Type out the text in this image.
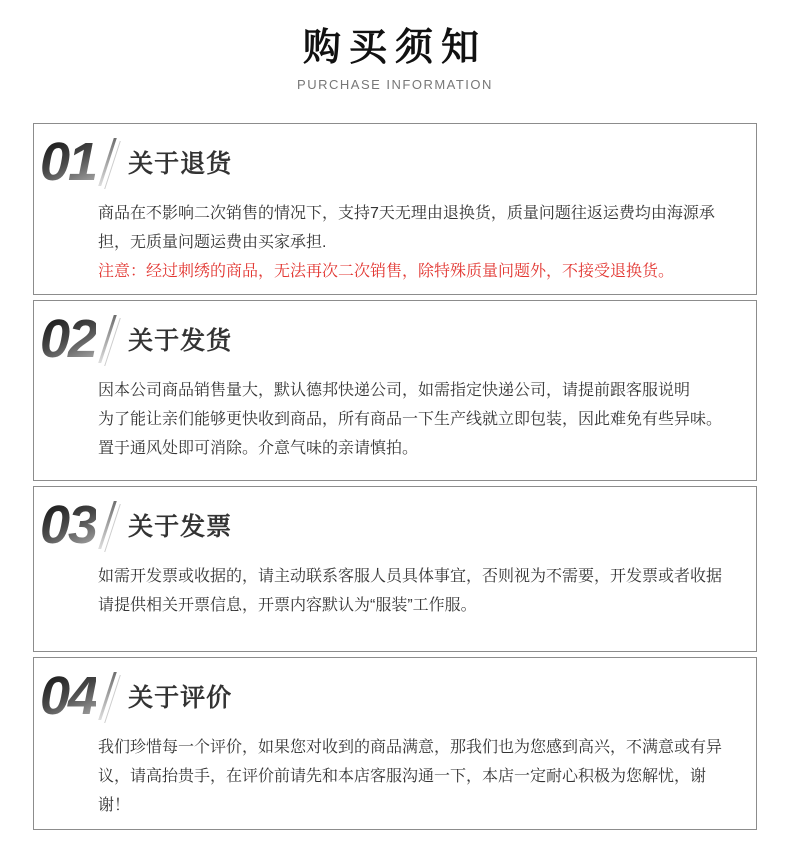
购买须知
PURCHASE INFORMATION
01 关于退货

商品在不影响二次销售的情况下，支持7天无理由退换货，质量问题往返运费均由海源承担，无质量问题运费由买家承担.

注意：经过刺绣的商品，无法再次二次销售，除特殊质量问题外，不接受退换货。

02 关于发货

因本公司商品销售量大，默认德邦快递公司，如需指定快递公司，请提前跟客服说明

为了能让亲们能够更快收到商品，所有商品一下生产线就立即包装，因此难免有些异味。置于通风处即可消除。介意气味的亲请慎拍。

03 关于发票

如需开发票或收据的，请主动联系客服人员具体事宜，否则视为不需要，开发票或者收据请提供相关开票信息，开票内容默认为“服装”工作服。

04 关于评价

我们珍惜每一个评价，如果您对收到的商品满意，那我们也为您感到高兴，不满意或有异议，请高抬贵手，在评价前请先和本店客服沟通一下，本店一定耐心积极为您解忧，谢谢！
